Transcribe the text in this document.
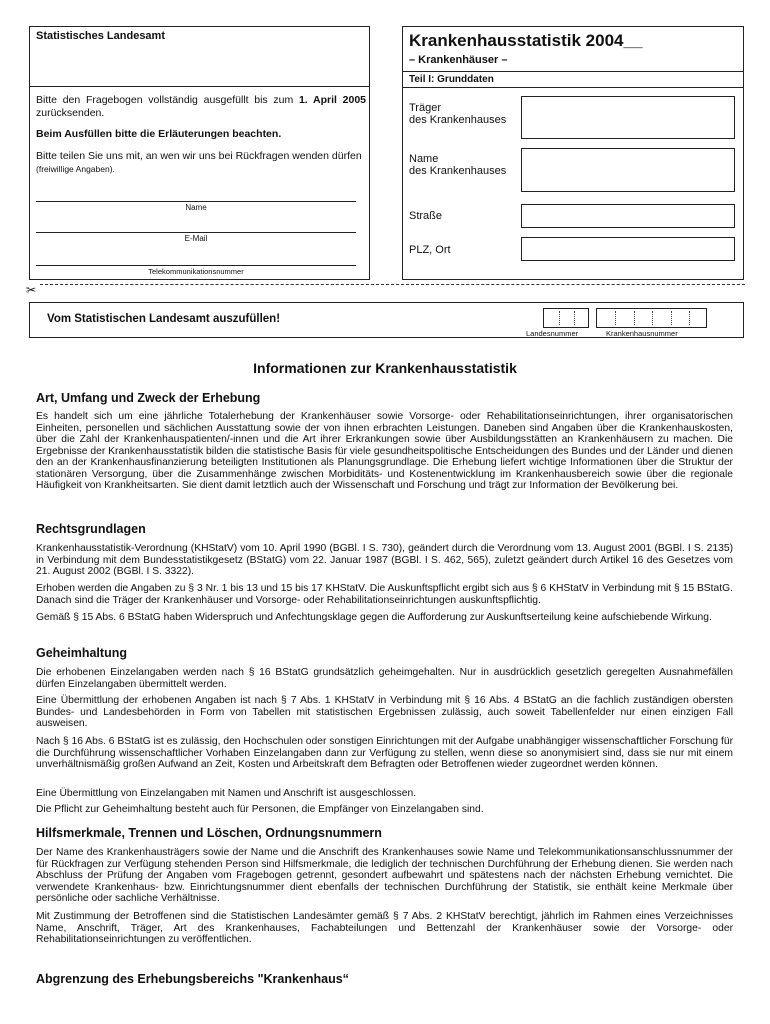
Statistisches Landesamt

Bitte den Fragebogen vollständig ausgefüllt bis zum 1. April 2005 zurücksenden.

Beim Ausfüllen bitte die Erläuterungen beachten.

Bitte teilen Sie uns mit, an wen wir uns bei Rückfragen wenden dürfen (freiwillige Angaben).

Name
E-Mail
Telekommunikationsnummer

Krankenhausstatistik 2004__

– Krankenhäuser –

Teil I: Grunddaten

Träger
des Krankenhauses
Name
des Krankenhauses
Straße
PLZ, Ort
✂

Vom Statistischen Landesamt auszufüllen!

Landesnummer	Krankenhausnummer

Informationen zur Krankenhausstatistik

Art, Umfang und Zweck der Erhebung

Es handelt sich um eine jährliche Totalerhebung der Krankenhäuser sowie Vorsorge- oder Rehabilitationseinrichtungen, ihrer organisatorischen Einheiten, personellen und sächlichen Ausstattung sowie der von ihnen erbrachten Leistungen. Daneben sind Angaben über die Krankenhauskosten, über die Zahl der Krankenhauspatienten/-innen und die Art ihrer Erkrankungen sowie über Ausbildungsstätten an Krankenhäusern zu machen. Die Ergebnisse der Krankenhausstatistik bilden die statistische Basis für viele gesundheitspolitische Entscheidungen des Bundes und der Länder und dienen den an der Krankenhausfinanzierung beteiligten Institutionen als Planungsgrundlage. Die Erhebung liefert wichtige Informationen über die Struktur der stationären Versorgung, über die Zusammenhänge zwischen Morbiditäts- und Kostenentwicklung im Krankenhausbereich sowie über die regionale Häufigkeit von Krankheitsarten. Sie dient damit letztlich auch der Wissenschaft und Forschung und trägt zur Information der Bevölkerung bei.

Rechtsgrundlagen

Krankenhausstatistik-Verordnung (KHStatV) vom 10. April 1990 (BGBl. I S. 730), geändert durch die Verordnung vom 13. August 2001 (BGBl. I S. 2135) in Verbindung mit dem Bundesstatistikgesetz (BStatG) vom 22. Januar 1987 (BGBl. I S. 462, 565), zuletzt geändert durch Artikel 16 des Gesetzes vom 21. August 2002 (BGBl. I S. 3322).

Erhoben werden die Angaben zu § 3 Nr. 1 bis 13 und 15 bis 17 KHStatV. Die Auskunftspflicht ergibt sich aus § 6 KHStatV in Verbindung mit § 15 BStatG. Danach sind die Träger der Krankenhäuser und Vorsorge- oder Rehabilitationseinrichtungen auskunftspflichtig.

Gemäß § 15 Abs. 6 BStatG haben Widerspruch und Anfechtungsklage gegen die Aufforderung zur Auskunftserteilung keine aufschiebende Wirkung.

Geheimhaltung

Die erhobenen Einzelangaben werden nach § 16 BStatG grundsätzlich geheimgehalten. Nur in ausdrücklich gesetzlich geregelten Ausnahmefällen dürfen Einzelangaben übermittelt werden.

Eine Übermittlung der erhobenen Angaben ist nach § 7 Abs. 1 KHStatV in Verbindung mit § 16 Abs. 4 BStatG an die fachlich zuständigen obersten Bundes- und Landesbehörden in Form von Tabellen mit statistischen Ergebnissen zulässig, auch soweit Tabellenfelder nur einen einzigen Fall ausweisen.

Nach § 16 Abs. 6 BStatG ist es zulässig, den Hochschulen oder sonstigen Einrichtungen mit der Aufgabe unabhängiger wissenschaftlicher Forschung für die Durchführung wissenschaftlicher Vorhaben Einzelangaben dann zur Verfügung zu stellen, wenn diese so anonymisiert sind, dass sie nur mit einem unverhältnismäßig großen Aufwand an Zeit, Kosten und Arbeitskraft dem Befragten oder Betroffenen wieder zugeordnet werden können.

Eine Übermittlung von Einzelangaben mit Namen und Anschrift ist ausgeschlossen.

Die Pflicht zur Geheimhaltung besteht auch für Personen, die Empfänger von Einzelangaben sind.

Hilfsmerkmale, Trennen und Löschen, Ordnungsnummern

Der Name des Krankenhausträgers sowie der Name und die Anschrift des Krankenhauses sowie Name und Telekommunikationsanschlussnummer der für Rückfragen zur Verfügung stehenden Person sind Hilfsmerkmale, die lediglich der technischen Durchführung der Erhebung dienen. Sie werden nach Abschluss der Prüfung der Angaben vom Fragebogen getrennt, gesondert aufbewahrt und spätestens nach der nächsten Erhebung vernichtet. Die verwendete Krankenhaus- bzw. Einrichtungsnummer dient ebenfalls der technischen Durchführung der Statistik, sie enthält keine Merkmale über persönliche oder sachliche Verhältnisse.

Mit Zustimmung der Betroffenen sind die Statistischen Landesämter gemäß § 7 Abs. 2 KHStatV berechtigt, jährlich im Rahmen eines Verzeichnisses Name, Anschrift, Träger, Art des Krankenhauses, Fachabteilungen und Bettenzahl der Krankenhäuser sowie der Vorsorge- oder Rehabilitationseinrichtungen zu veröffentlichen.

Abgrenzung des Erhebungsbereichs "Krankenhaus“
